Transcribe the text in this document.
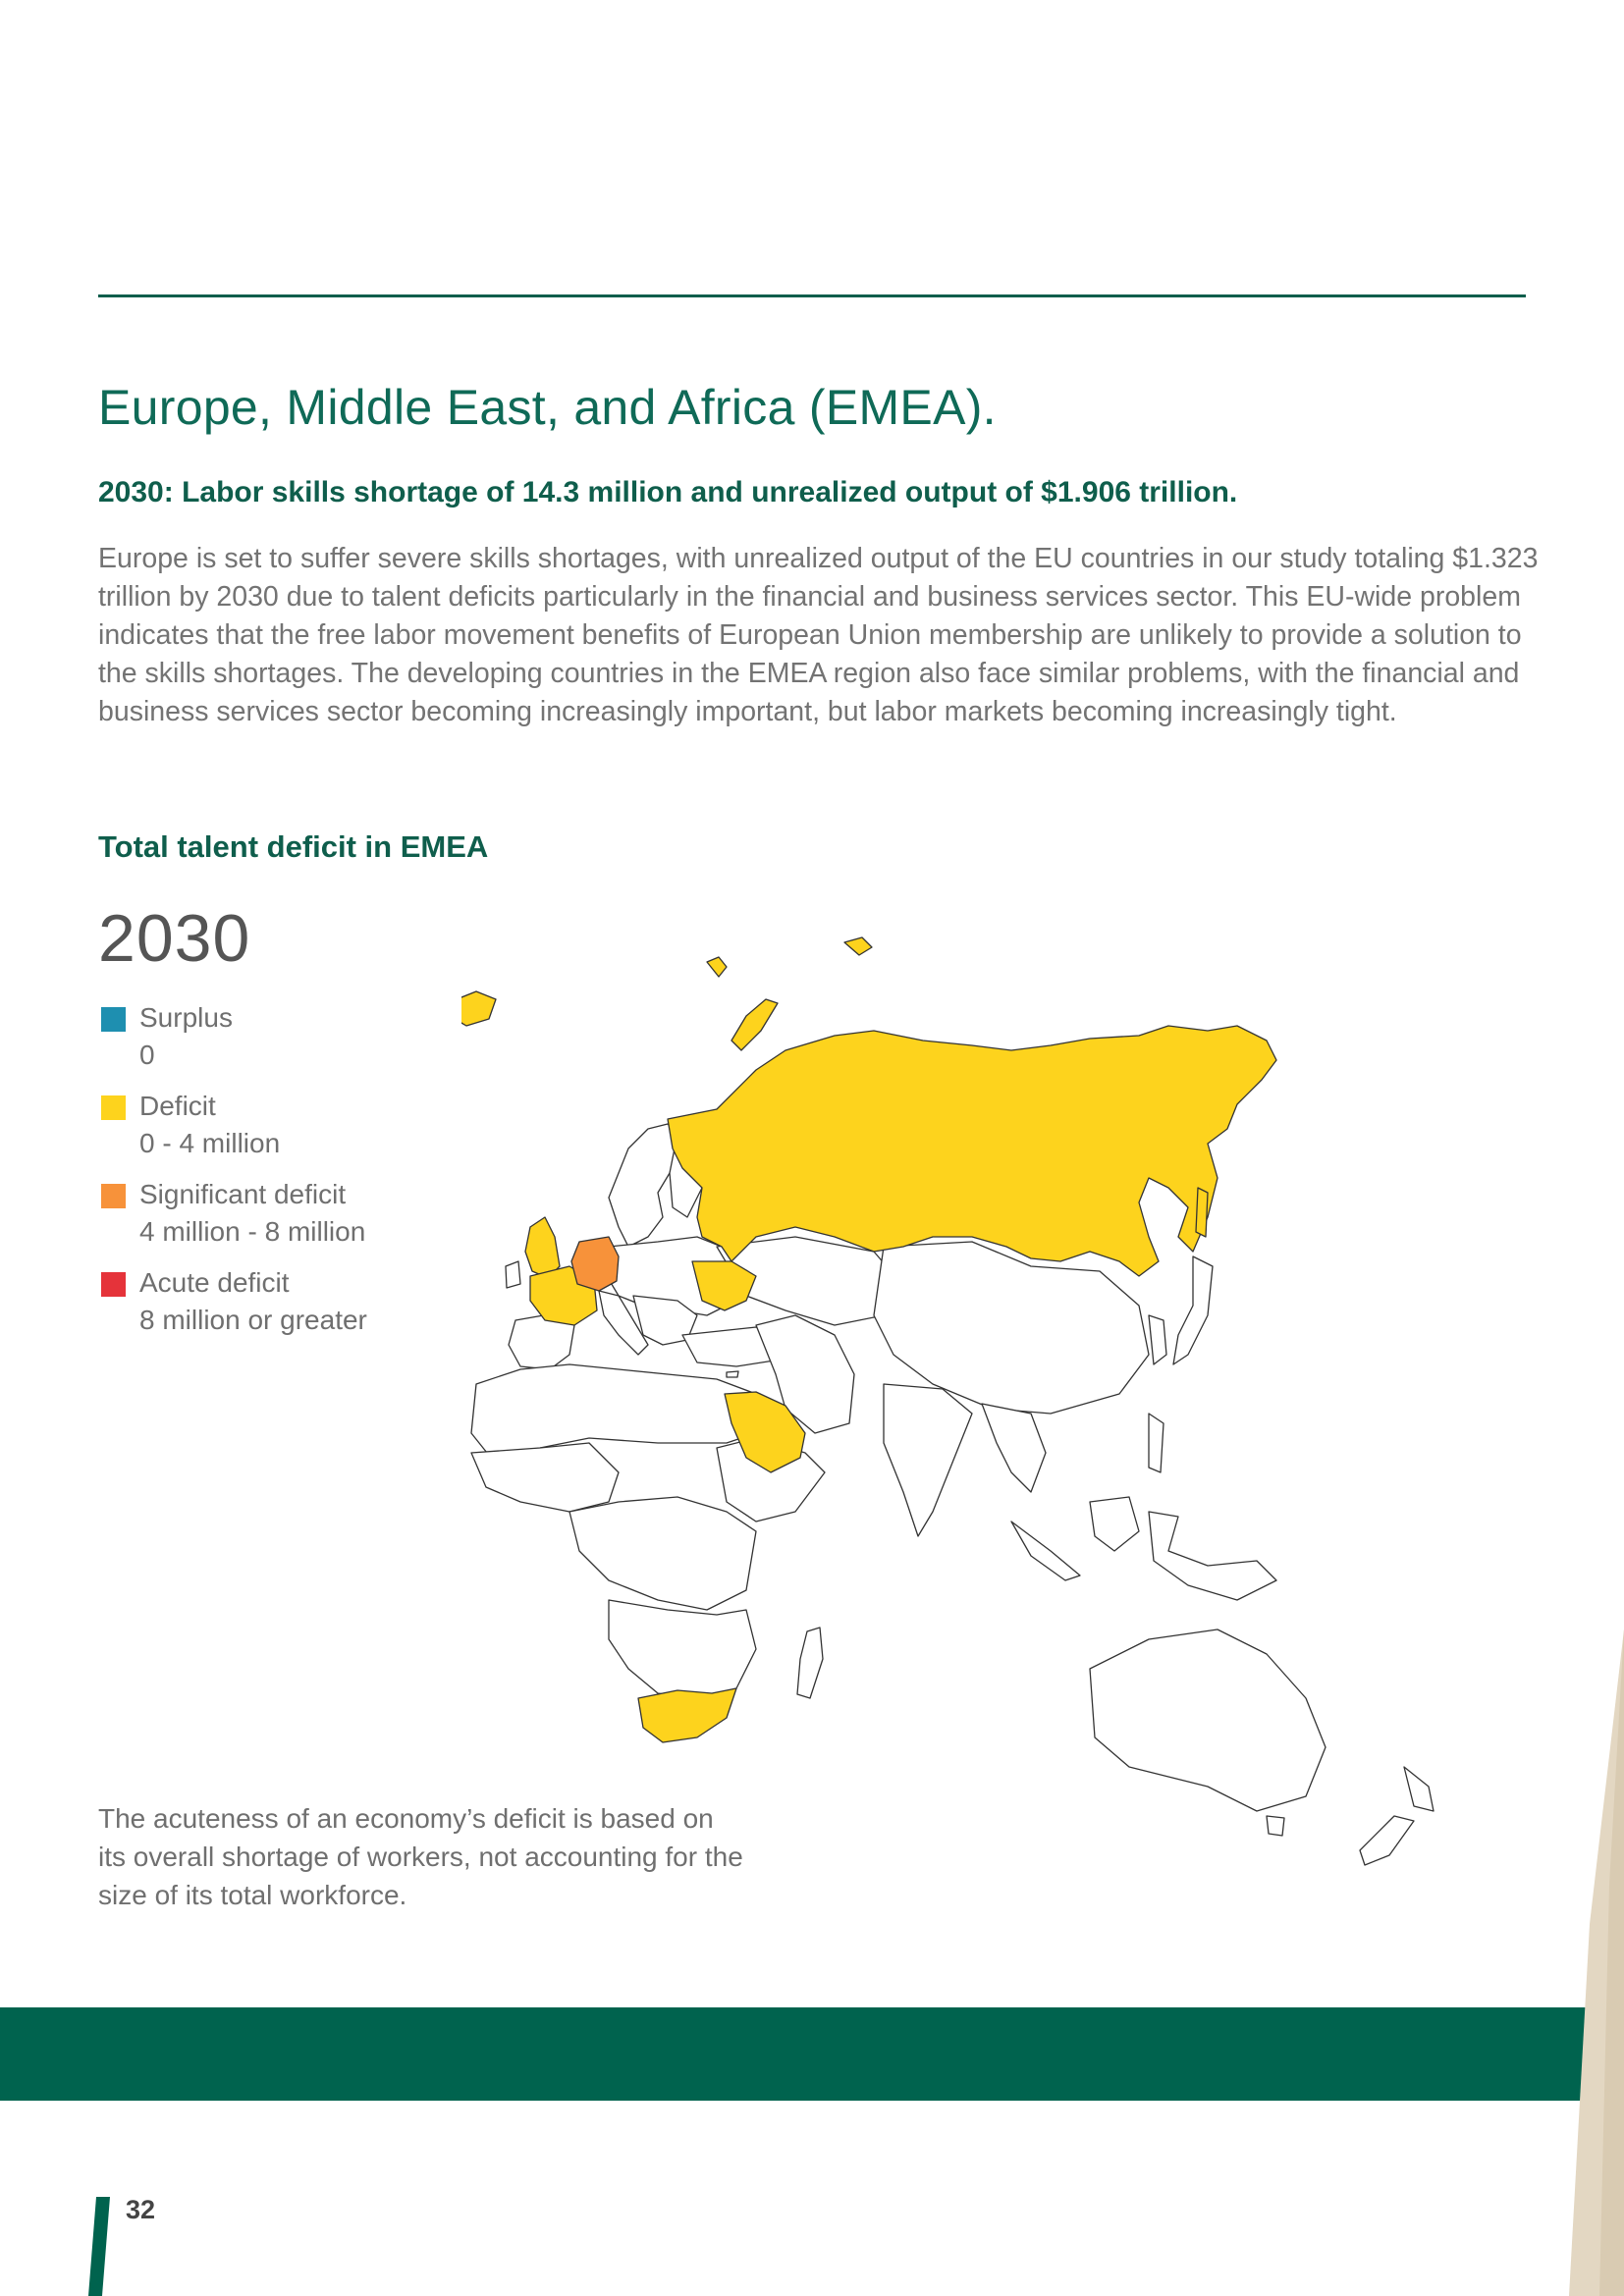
Europe, Middle East, and Africa (EMEA).
2030: Labor skills shortage of 14.3 million and unrealized output of $1.906 trillion.

Europe is set to suffer severe skills shortages, with unrealized output of the EU countries in our study totaling $1.323 trillion by 2030 due to talent deficits particularly in the financial and business services sector. This EU-wide problem indicates that the free labor movement benefits of European Union membership are unlikely to provide a solution to the skills shortages. The developing countries in the EMEA region also face similar problems, with the financial and business services sector becoming increasingly important, but labor markets becoming increasingly tight.

Total talent deficit in EMEA
2030
Surplus
0
Deficit
0 - 4 million
Significant deficit
4 million - 8 million
Acute deficit
8 million or greater

The acuteness of an economy’s deficit is based on its overall shortage of workers, not accounting for the size of its total workforce.

32
